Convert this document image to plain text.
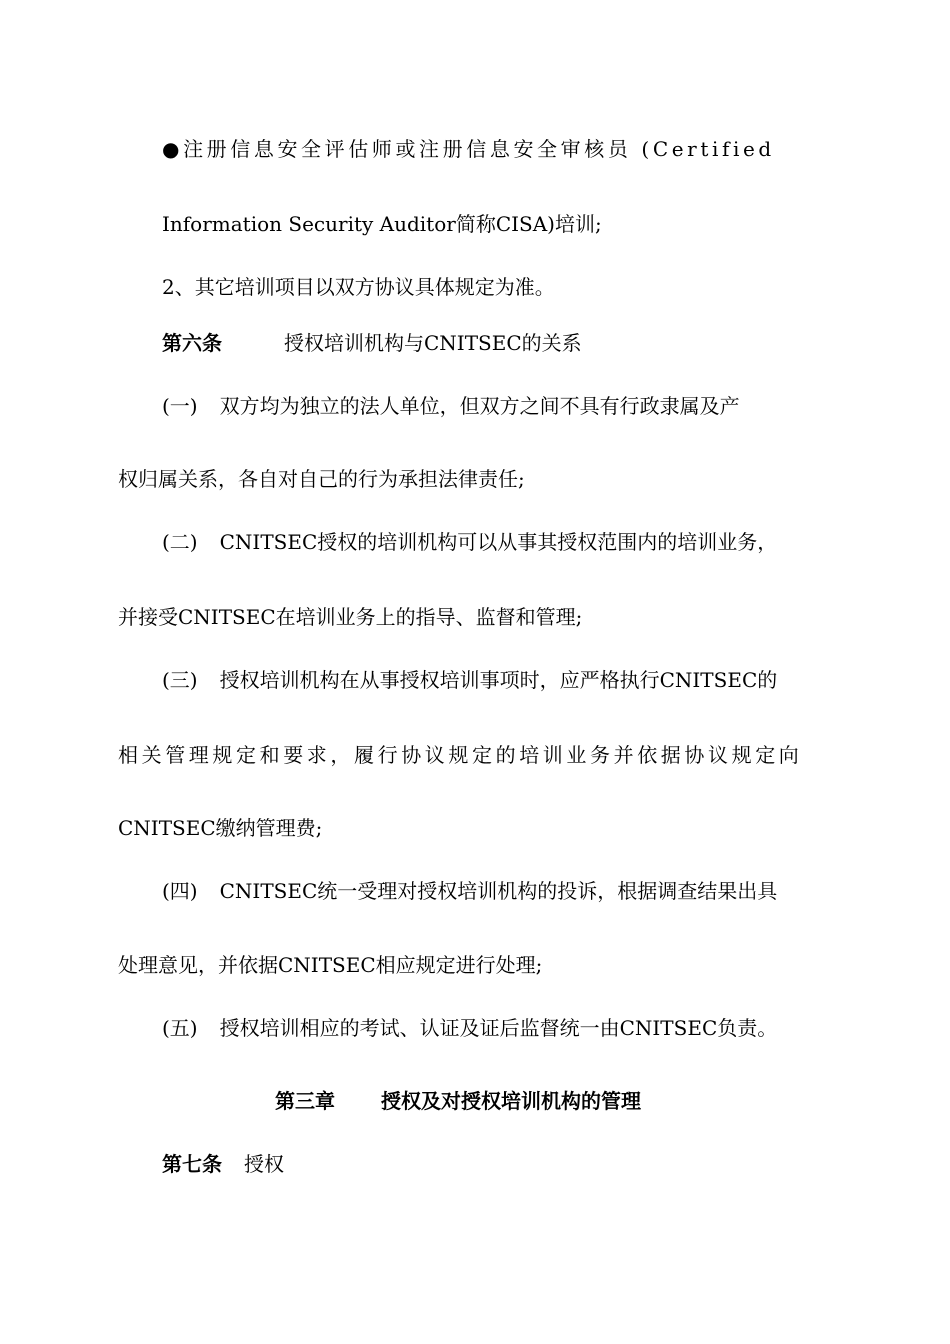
●注册信息安全评估师或注册信息安全审核员 (Certified
Information Security Auditor简称CISA)培训;
2、其它培训项目以双方协议具体规定为准。
第六条	授权培训机构与CNITSEC的关系
(一) 双方均为独立的法人单位，但双方之间不具有行政隶属及产
权归属关系，各自对自己的行为承担法律责任;
(二) CNITSEC授权的培训机构可以从事其授权范围内的培训业务，
并接受CNITSEC在培训业务上的指导、监督和管理;
(三) 授权培训机构在从事授权培训事项时，应严格执行CNITSEC的
相关管理规定和要求，履行协议规定的培训业务并依据协议规定向
CNITSEC缴纳管理费;
(四) CNITSEC统一受理对授权培训机构的投诉，根据调查结果出具
处理意见，并依据CNITSEC相应规定进行处理;
(五) 授权培训相应的考试、认证及证后监督统一由CNITSEC负责。
第三章 授权及对授权培训机构的管理
第七条 授权
